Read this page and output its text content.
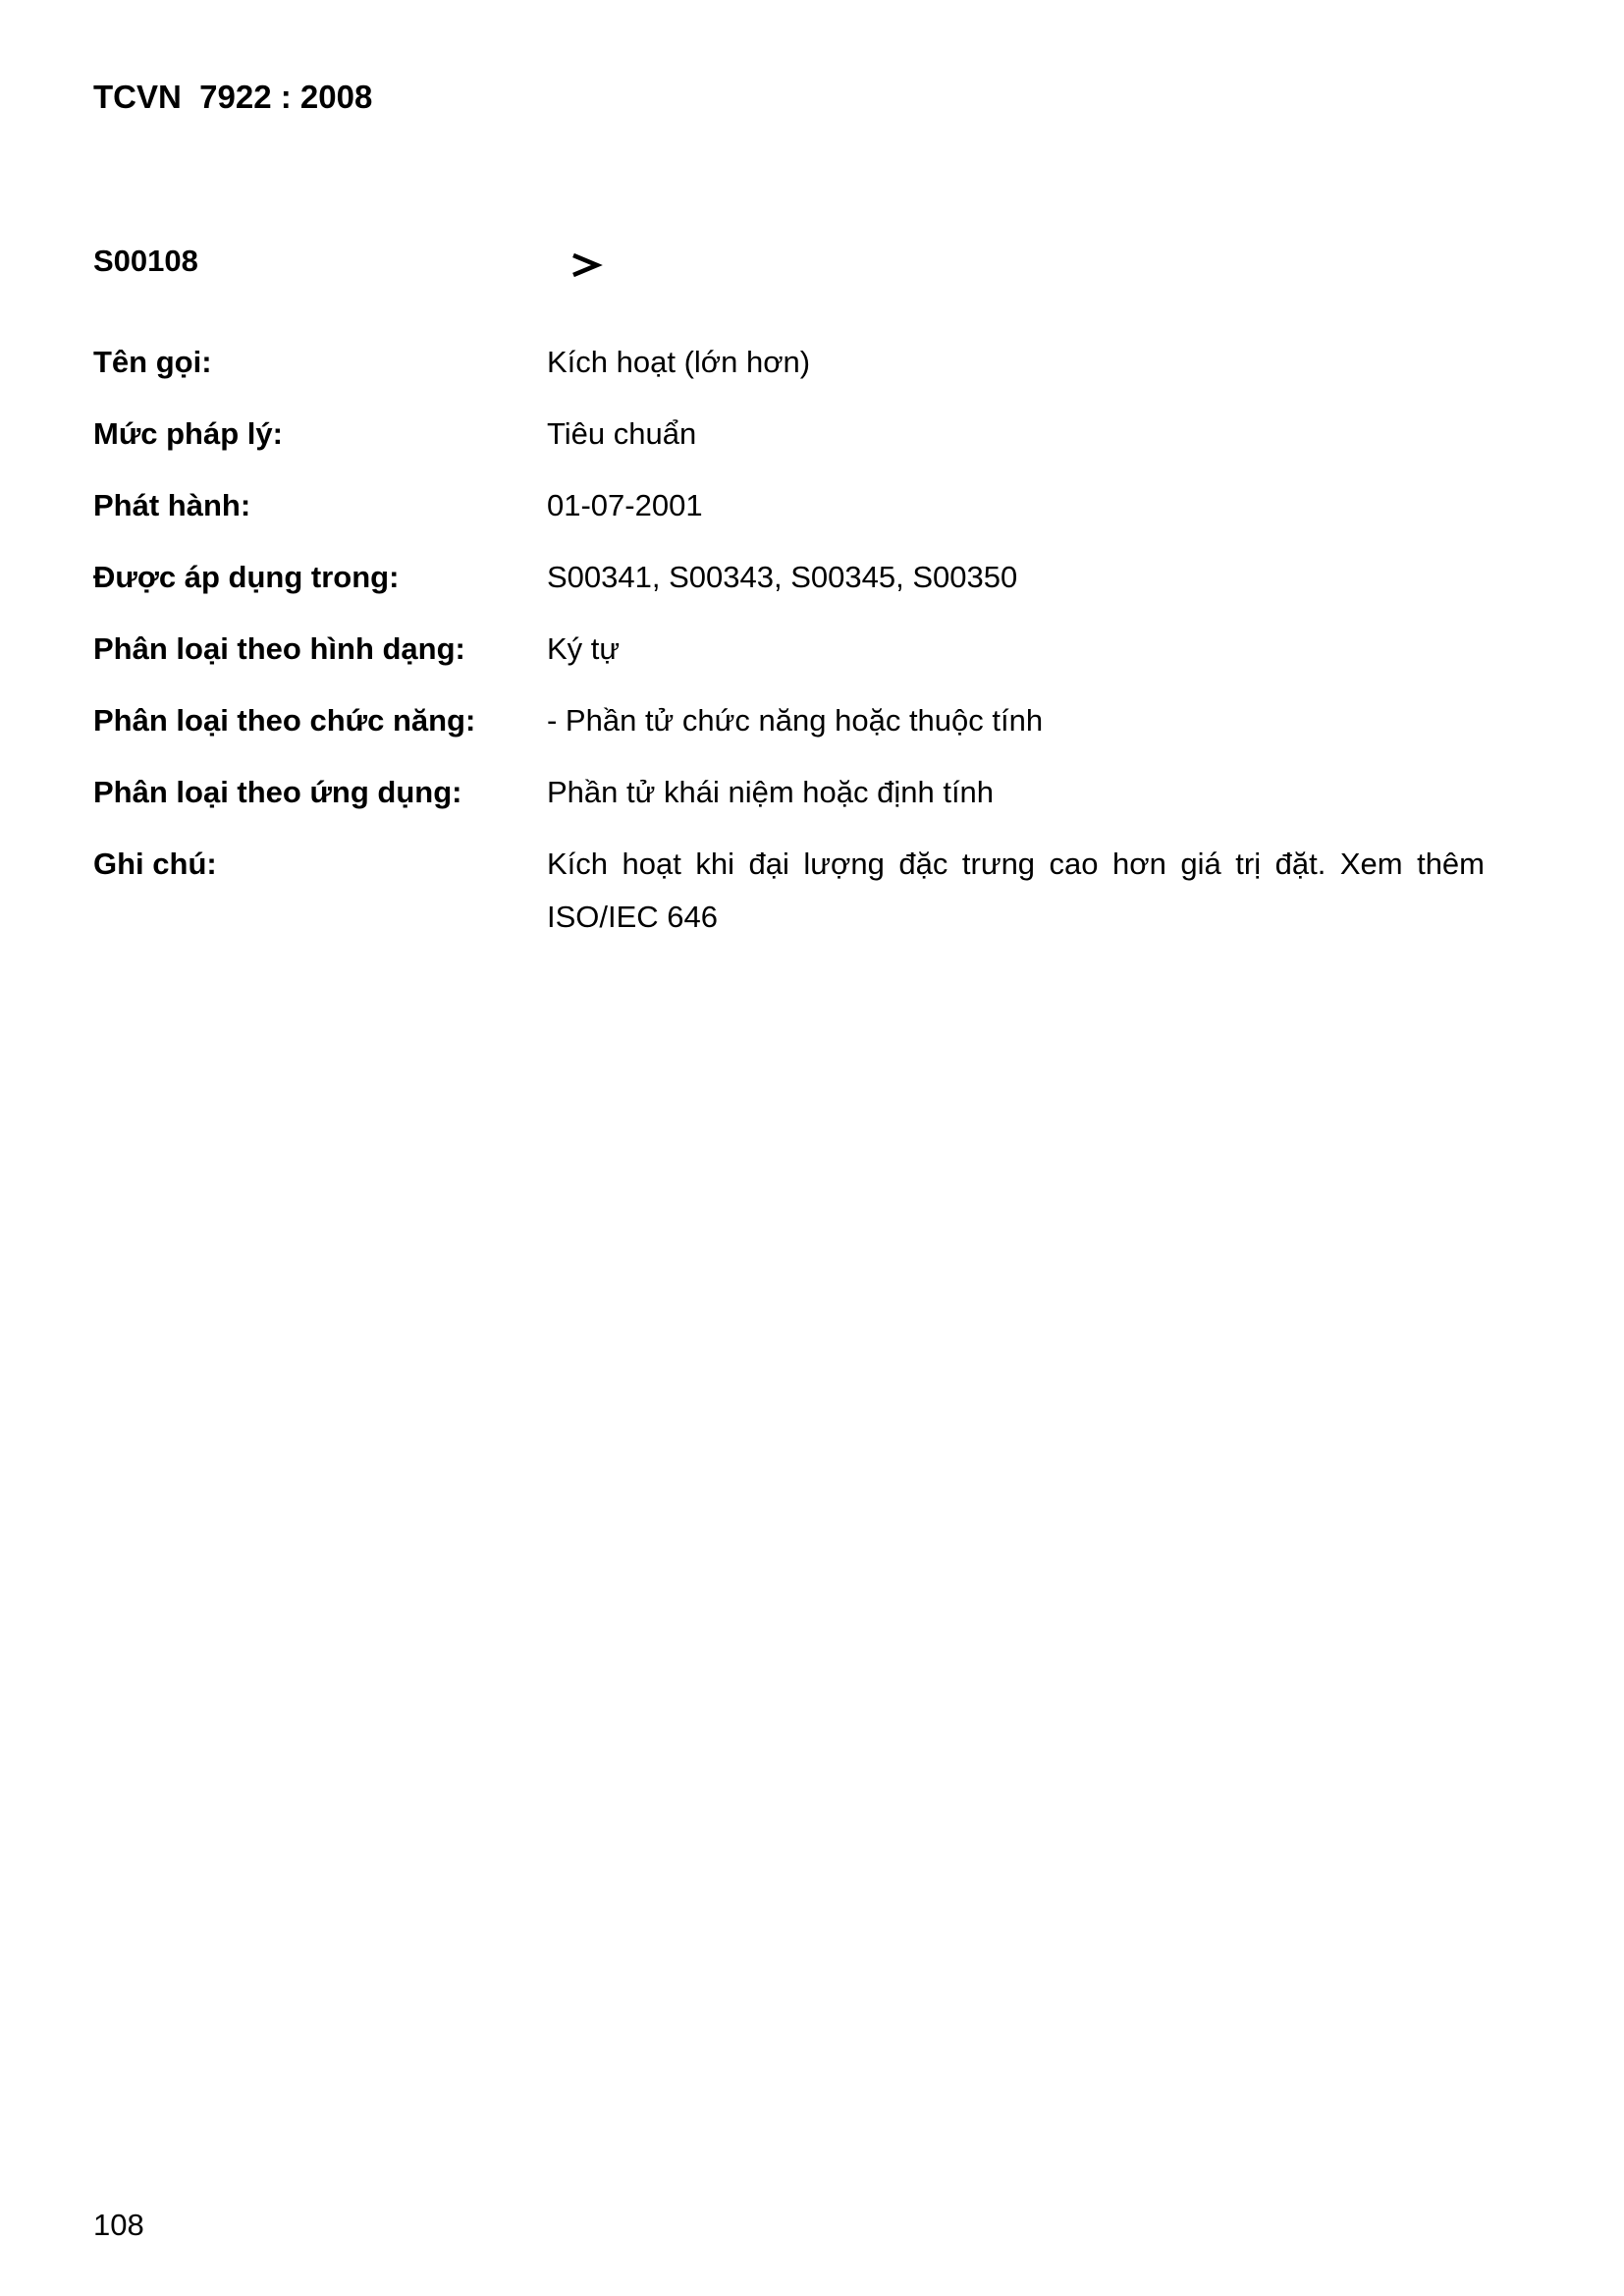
TCVN  7922 : 2008
S00108
Tên gọi:	Kích hoạt (lớn hơn)
Mức pháp lý:	Tiêu chuẩn
Phát hành:	01-07-2001
Được áp dụng trong:	S00341, S00343, S00345, S00350
Phân loại theo hình dạng:	Ký tự
Phân loại theo chức năng:	- Phần tử chức năng hoặc thuộc tính
Phân loại theo ứng dụng:	Phần tử khái niệm hoặc định tính
Ghi chú:	Kích hoạt khi đại lượng đặc trưng cao hơn giá trị đặt. Xem thêm ISO/IEC 646
108
